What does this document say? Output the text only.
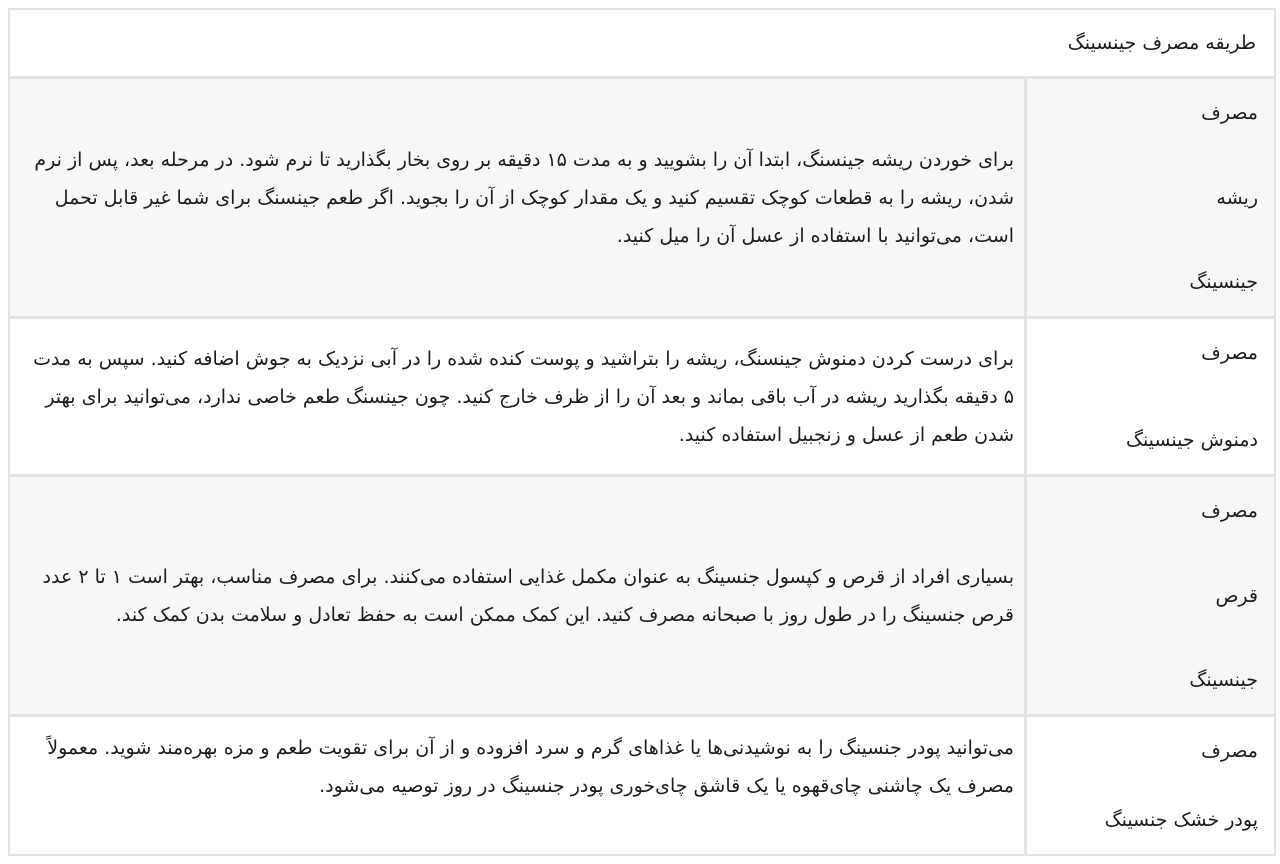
طریقه مصرف جینسینگ
مصرف
ریشه
جینسینگ
برای خوردن ریشه جینسنگ، ابتدا آن را بشویید و به مدت ۱۵ دقیقه بر روی بخار بگذارید تا نرم شود. در مرحله بعد، پس از نرم شدن، ریشه را به قطعات کوچک تقسیم کنید و یک مقدار کوچک از آن را بجوید. اگر طعم جینسنگ برای شما غیر قابل تحمل است، می‌توانید با استفاده از عسل آن را میل کنید.
مصرف
دمنوش جینسینگ
برای درست کردن دمنوش جینسنگ، ریشه را بتراشید و پوست کنده شده را در آبی نزدیک به جوش اضافه کنید. سپس به مدت ۵ دقیقه بگذارید ریشه در آب باقی بماند و بعد آن را از ظرف خارج کنید. چون جینسنگ طعم خاصی ندارد، می‌توانید برای بهتر شدن طعم از عسل و زنجبیل استفاده کنید.
مصرف
قرص
جینسینگ
بسیاری افراد از قرص و کپسول جنسینگ به عنوان مکمل غذایی استفاده می‌کنند. برای مصرف مناسب، بهتر است ۱ تا ۲ عدد قرص جنسینگ را در طول روز با صبحانه مصرف کنید. این کمک ممکن است به حفظ تعادل و سلامت بدن کمک کند.
مصرف
پودر خشک جنسینگ
می‌توانید پودر جنسینگ را به نوشیدنی‌ها یا غذاهای گرم و سرد افزوده و از آن برای تقویت طعم و مزه بهره‌مند شوید. معمولاً مصرف یک چاشنی چای‌قهوه یا یک قاشق چای‌خوری پودر جنسینگ در روز توصیه می‌شود.
